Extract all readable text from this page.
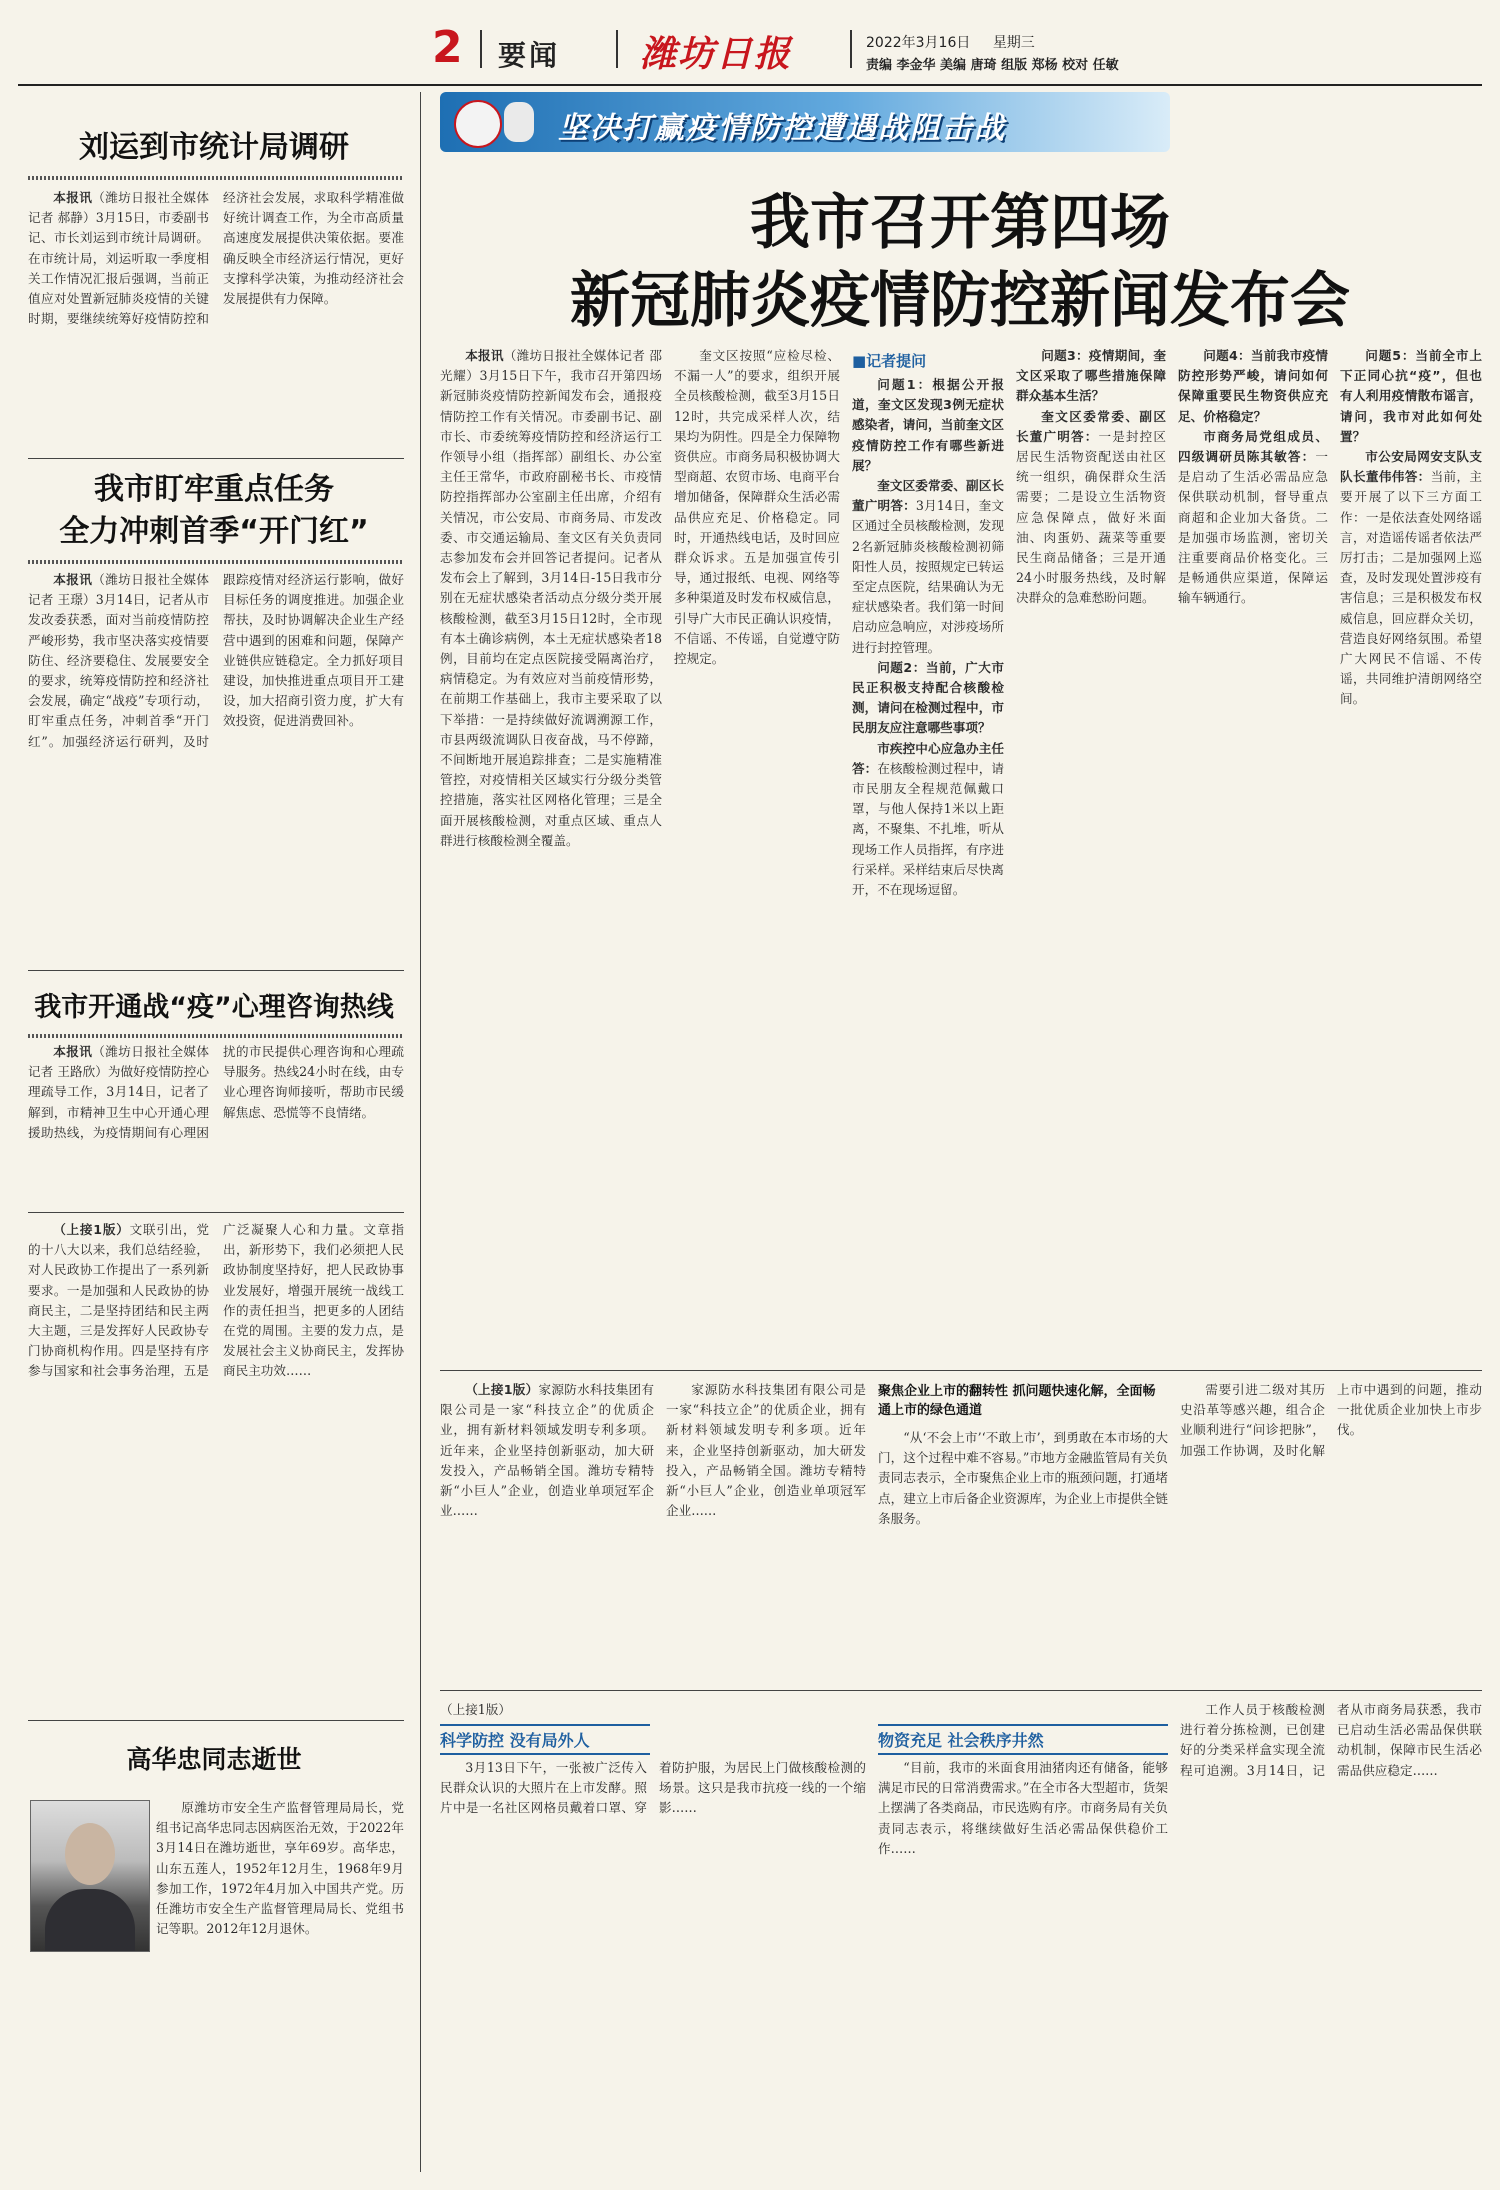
2 要闻 潍坊日报	2022年3月16日 星期三
责编 李金华 美编 唐琦 组版 郑杨 校对 任敏
刘运到市统计局调研

本报讯（潍坊日报社全媒体记者 郝静）3月15日，市委副书记、市长刘运到市统计局调研。在市统计局，刘运听取一季度相关工作情况汇报后强调，当前正值应对处置新冠肺炎疫情的关键时期，要继续统筹好疫情防控和经济社会发展，求取科学精准做好统计调查工作，为全市高质量高速度发展提供决策依据。要准确反映全市经济运行情况，更好支撑科学决策，为推动经济社会发展提供有力保障。

我市盯牢重点任务
全力冲刺首季“开门红”

本报讯（潍坊日报社全媒体记者 王璟）3月14日，记者从市发改委获悉，面对当前疫情防控严峻形势，我市坚决落实疫情要防住、经济要稳住、发展要安全的要求，统筹疫情防控和经济社会发展，确定“战疫”专项行动，盯牢重点任务，冲刺首季“开门红”。加强经济运行研判，及时跟踪疫情对经济运行影响，做好目标任务的调度推进。加强企业帮扶，及时协调解决企业生产经营中遇到的困难和问题，保障产业链供应链稳定。全力抓好项目建设，加快推进重点项目开工建设，加大招商引资力度，扩大有效投资，促进消费回补。

我市开通战“疫”心理咨询热线

本报讯（潍坊日报社全媒体记者 王路欣）为做好疫情防控心理疏导工作，3月14日，记者了解到，市精神卫生中心开通心理援助热线，为疫情期间有心理困扰的市民提供心理咨询和心理疏导服务。热线24小时在线，由专业心理咨询师接听，帮助市民缓解焦虑、恐慌等不良情绪。

（上接1版）文联引出，党的十八大以来，我们总结经验，对人民政协工作提出了一系列新要求。一是加强和人民政协的协商民主，二是坚持团结和民主两大主题，三是发挥好人民政协专门协商机构作用。四是坚持有序参与国家和社会事务治理，五是广泛凝聚人心和力量。文章指出，新形势下，我们必须把人民政协制度坚持好，把人民政协事业发展好，增强开展统一战线工作的责任担当，把更多的人团结在党的周围。主要的发力点，是发展社会主义协商民主，发挥协商民主功效……

高华忠同志逝世

原潍坊市安全生产监督管理局局长，党组书记高华忠同志因病医治无效，于2022年3月14日在潍坊逝世，享年69岁。高华忠，山东五莲人，1952年12月生，1968年9月参加工作，1972年4月加入中国共产党。历任潍坊市安全生产监督管理局局长、党组书记等职。2012年12月退休。

坚决打赢疫情防控遭遇战阻击战
我市召开第四场
新冠肺炎疫情防控新闻发布会

本报讯（潍坊日报社全媒体记者 邵光耀）3月15日下午，我市召开第四场新冠肺炎疫情防控新闻发布会，通报疫情防控工作有关情况。市委副书记、副市长、市委统筹疫情防控和经济运行工作领导小组（指挥部）副组长、办公室主任王常华，市政府副秘书长、市疫情防控指挥部办公室副主任出席，介绍有关情况，市公安局、市商务局、市发改委、市交通运输局、奎文区有关负责同志参加发布会并回答记者提问。记者从发布会上了解到，3月14日-15日我市分别在无症状感染者活动点分级分类开展核酸检测，截至3月15日12时，全市现有本土确诊病例，本土无症状感染者18例，目前均在定点医院接受隔离治疗，病情稳定。为有效应对当前疫情形势，在前期工作基础上，我市主要采取了以下举措：一是持续做好流调溯源工作，市县两级流调队日夜奋战，马不停蹄，不间断地开展追踪排查；二是实施精准管控，对疫情相关区域实行分级分类管控措施，落实社区网格化管理；三是全面开展核酸检测，对重点区域、重点人群进行核酸检测全覆盖。

奎文区按照“应检尽检、不漏一人”的要求，组织开展全员核酸检测，截至3月15日12时，共完成采样人次，结果均为阴性。四是全力保障物资供应。市商务局积极协调大型商超、农贸市场、电商平台增加储备，保障群众生活必需品供应充足、价格稳定。同时，开通热线电话，及时回应群众诉求。五是加强宣传引导，通过报纸、电视、网络等多种渠道及时发布权威信息，引导广大市民正确认识疫情，不信谣、不传谣，自觉遵守防控规定。

■记者提问

问题1：根据公开报道，奎文区发现3例无症状感染者，请问，当前奎文区疫情防控工作有哪些新进展？

奎文区委常委、副区长董广明答：3月14日，奎文区通过全员核酸检测，发现2名新冠肺炎核酸检测初筛阳性人员，按照规定已转运至定点医院，结果确认为无症状感染者。我们第一时间启动应急响应，对涉疫场所进行封控管理。

问题2：当前，广大市民正积极支持配合核酸检测，请问在检测过程中，市民朋友应注意哪些事项？

市疾控中心应急办主任答：在核酸检测过程中，请市民朋友全程规范佩戴口罩，与他人保持1米以上距离，不聚集、不扎堆，听从现场工作人员指挥，有序进行采样。采样结束后尽快离开，不在现场逗留。

问题3：疫情期间，奎文区采取了哪些措施保障群众基本生活？

奎文区委常委、副区长董广明答：一是封控区居民生活物资配送由社区统一组织，确保群众生活需要；二是设立生活物资应急保障点，做好米面油、肉蛋奶、蔬菜等重要民生商品储备；三是开通24小时服务热线，及时解决群众的急难愁盼问题。

问题4：当前我市疫情防控形势严峻，请问如何保障重要民生物资供应充足、价格稳定？

市商务局党组成员、四级调研员陈其敏答：一是启动了生活必需品应急保供联动机制，督导重点商超和企业加大备货。二是加强市场监测，密切关注重要商品价格变化。三是畅通供应渠道，保障运输车辆通行。

问题5：当前全市上下正同心抗“疫”，但也有人利用疫情散布谣言，请问，我市对此如何处置？

市公安局网安支队支队长董伟伟答：当前，主要开展了以下三方面工作：一是依法查处网络谣言，对造谣传谣者依法严厉打击；二是加强网上巡查，及时发现处置涉疫有害信息；三是积极发布权威信息，回应群众关切，营造良好网络氛围。希望广大网民不信谣、不传谣，共同维护清朗网络空间。

（上接1版）家源防水科技集团有限公司是一家“科技立企”的优质企业，拥有新材料领域发明专利多项。近年来，企业坚持创新驱动，加大研发投入，产品畅销全国。潍坊专精特新“小巨人”企业，创造业单项冠军企业……

家源防水科技集团有限公司是一家“科技立企”的优质企业，拥有新材料领域发明专利多项。近年来，企业坚持创新驱动，加大研发投入，产品畅销全国。潍坊专精特新“小巨人”企业，创造业单项冠军企业……

聚焦企业上市的翻转性 抓问题快速化解，全面畅通上市的绿色通道

“从‘不会上市’‘不敢上市’，到勇敢在本市场的大门，这个过程中难不容易。”市地方金融监管局有关负责同志表示，全市聚焦企业上市的瓶颈问题，打通堵点，建立上市后备企业资源库，为企业上市提供全链条服务。

需要引进二级对其历史沿革等感兴趣，组合企业顺利进行“问诊把脉”，加强工作协调，及时化解上市中遇到的问题，推动一批优质企业加快上市步伐。

（上接1版）
科学防控 没有局外人

3月13日下午，一张被广泛传入民群众认识的大照片在上市发酵。照片中是一名社区网格员戴着口罩、穿着防护服，为居民上门做核酸检测的场景。这只是我市抗疫一线的一个缩影……

物资充足 社会秩序井然

“目前，我市的米面食用油猪肉还有储备，能够满足市民的日常消费需求。”在全市各大型超市，货架上摆满了各类商品，市民选购有序。市商务局有关负责同志表示，将继续做好生活必需品保供稳价工作……

工作人员于核酸检测进行着分拣检测，已创建好的分类采样盒实现全流程可追溯。3月14日，记者从市商务局获悉，我市已启动生活必需品保供联动机制，保障市民生活必需品供应稳定……
